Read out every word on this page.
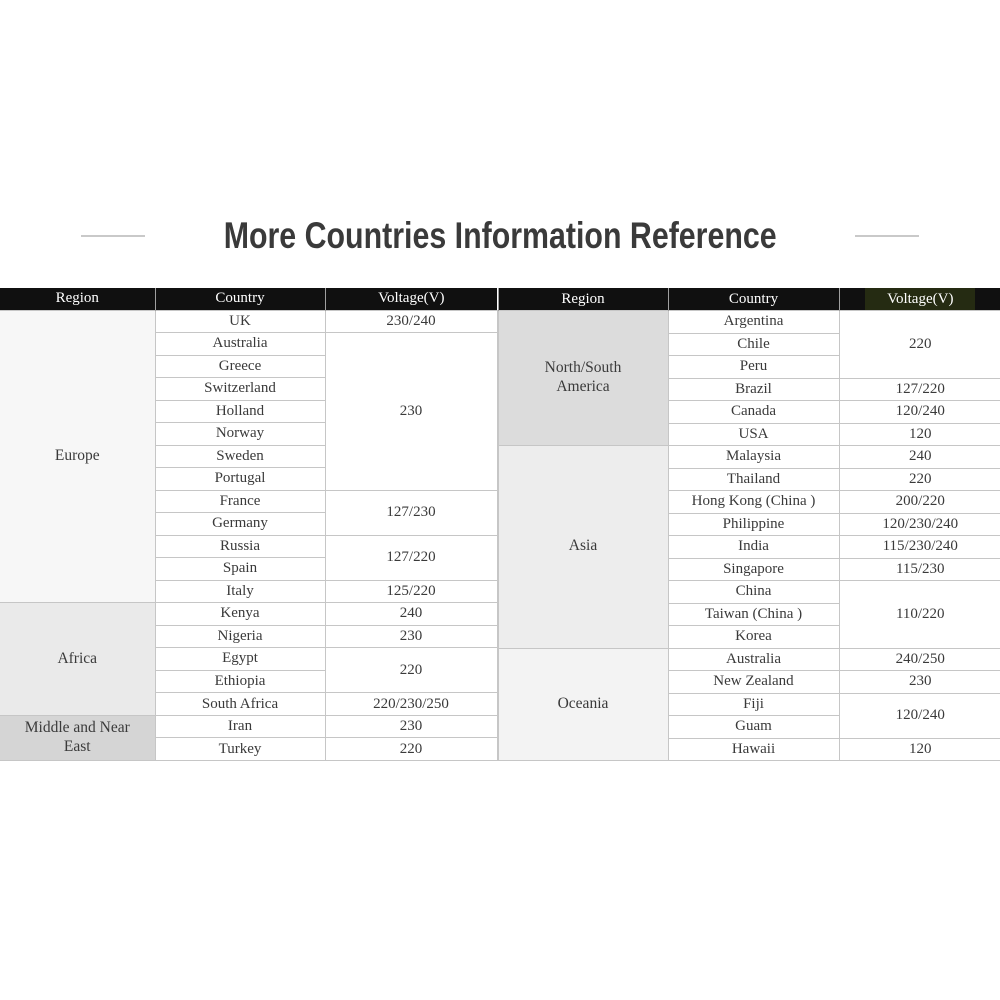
More Countries Information Reference
Region	Country	Voltage(V)
Europe	UK	230/240
	Australia	230
	Greece	
	Switzerland	
	Holland	
	Norway	
	Sweden	
	Portugal	
	France	127/230
	Germany	
	Russia	127/220
	Spain	
	Italy	125/220
Africa	Kenya	240
	Nigeria	230
	Egypt	220
	Ethiopia	
	South Africa	220/230/250
Middle and Near East	Iran	230
	Turkey	220
Region	Country	Voltage(V)
North/South America	Argentina	220
	Chile	
	Peru	
	Brazil	127/220
	Canada	120/240
	USA	120
Asia	Malaysia	240
	Thailand	220
	Hong Kong (China )	200/220
	Philippine	120/230/240
	India	115/230/240
	Singapore	115/230
	China	110/220
	Taiwan (China )	
	Korea	
Oceania	Australia	240/250
	New Zealand	230
	Fiji	120/240
	Guam	
	Hawaii	120
